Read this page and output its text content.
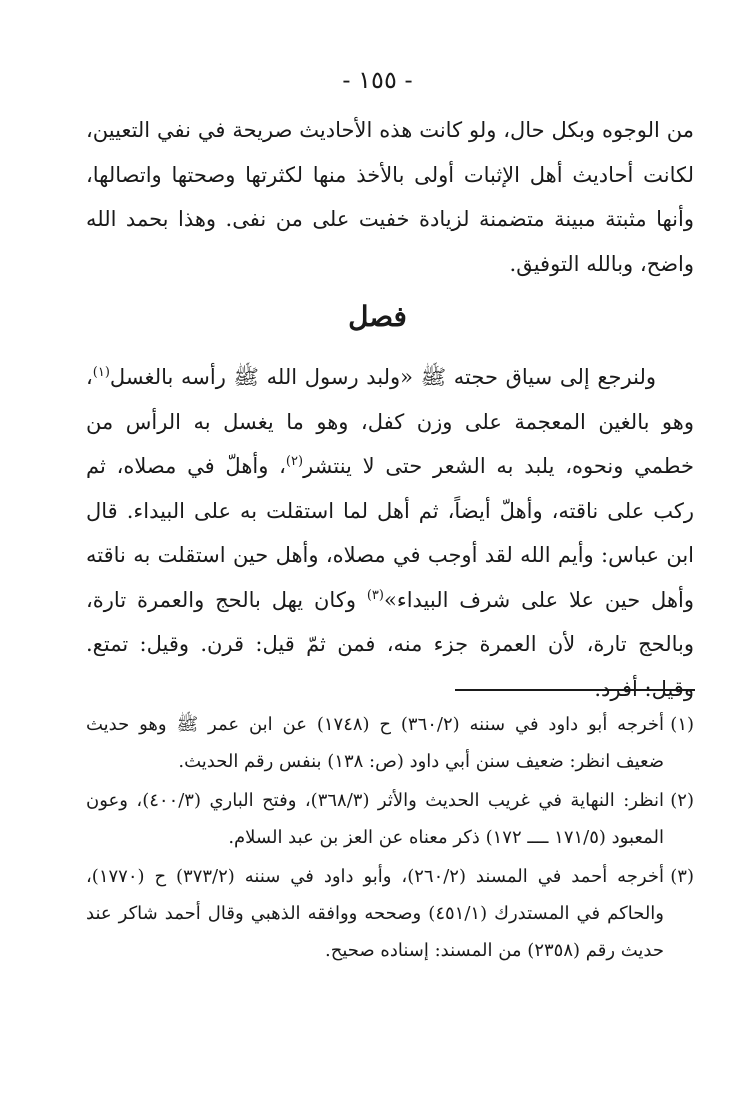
- ١٥٥ -

من الوجوه وبكل حال، ولو كانت هذه الأحاديث صريحة في نفي التعيين، لكانت أحاديث أهل الإثبات أولى بالأخذ منها لكثرتها وصحتها واتصالها، وأنها مثبتة مبينة متضمنة لزيادة خفيت على من نفى. وهذا بحمد الله واضح، وبالله التوفيق.

فصل

ولنرجع إلى سياق حجته ﷺ «ولبد رسول الله ﷺ رأسه بالغسل$^{(١)}$، وهو بالغين المعجمة على وزن كفل، وهو ما يغسل به الرأس من خطمي ونحوه، يلبد به الشعر حتى لا ينتشر$^{(٢)}$، وأهلّ في مصلاه، ثم ركب على ناقته، وأهلّ أيضاً، ثم أهل لما استقلت به على البيداء. قال ابن عباس: وأيم الله لقد أوجب في مصلاه، وأهل حين استقلت به ناقته وأهل حين علا على شرف البيداء»$^{(٣)}$ وكان يهل بالحج والعمرة تارة، وبالحج تارة، لأن العمرة جزء منه، فمن ثمّ قيل: قرن. وقيل: تمتع. وقيل: أفرد.

(١)أخرجه أبو داود في سننه (٣٦٠/٢) ح (١٧٤٨) عن ابن عمر ﷺ وهو حديث ضعيف انظر: ضعيف سنن أبي داود (ص: ١٣٨) بنفس رقم الحديث.

(٢)انظر: النهاية في غريب الحديث والأثر (٣٦٨/٣)، وفتح الباري (٤٠٠/٣)، وعون المعبود (١٧١/٥ ــــ ١٧٢) ذكر معناه عن العز بن عبد السلام.

(٣)أخرجه أحمد في المسند (٢٦٠/٢)، وأبو داود في سننه (٣٧٣/٢) ح (١٧٧٠)، والحاكم في المستدرك (٤٥١/١) وصححه ووافقه الذهبي وقال أحمد شاكر عند حديث رقم (٢٣٥٨) من المسند: إسناده صحيح.
